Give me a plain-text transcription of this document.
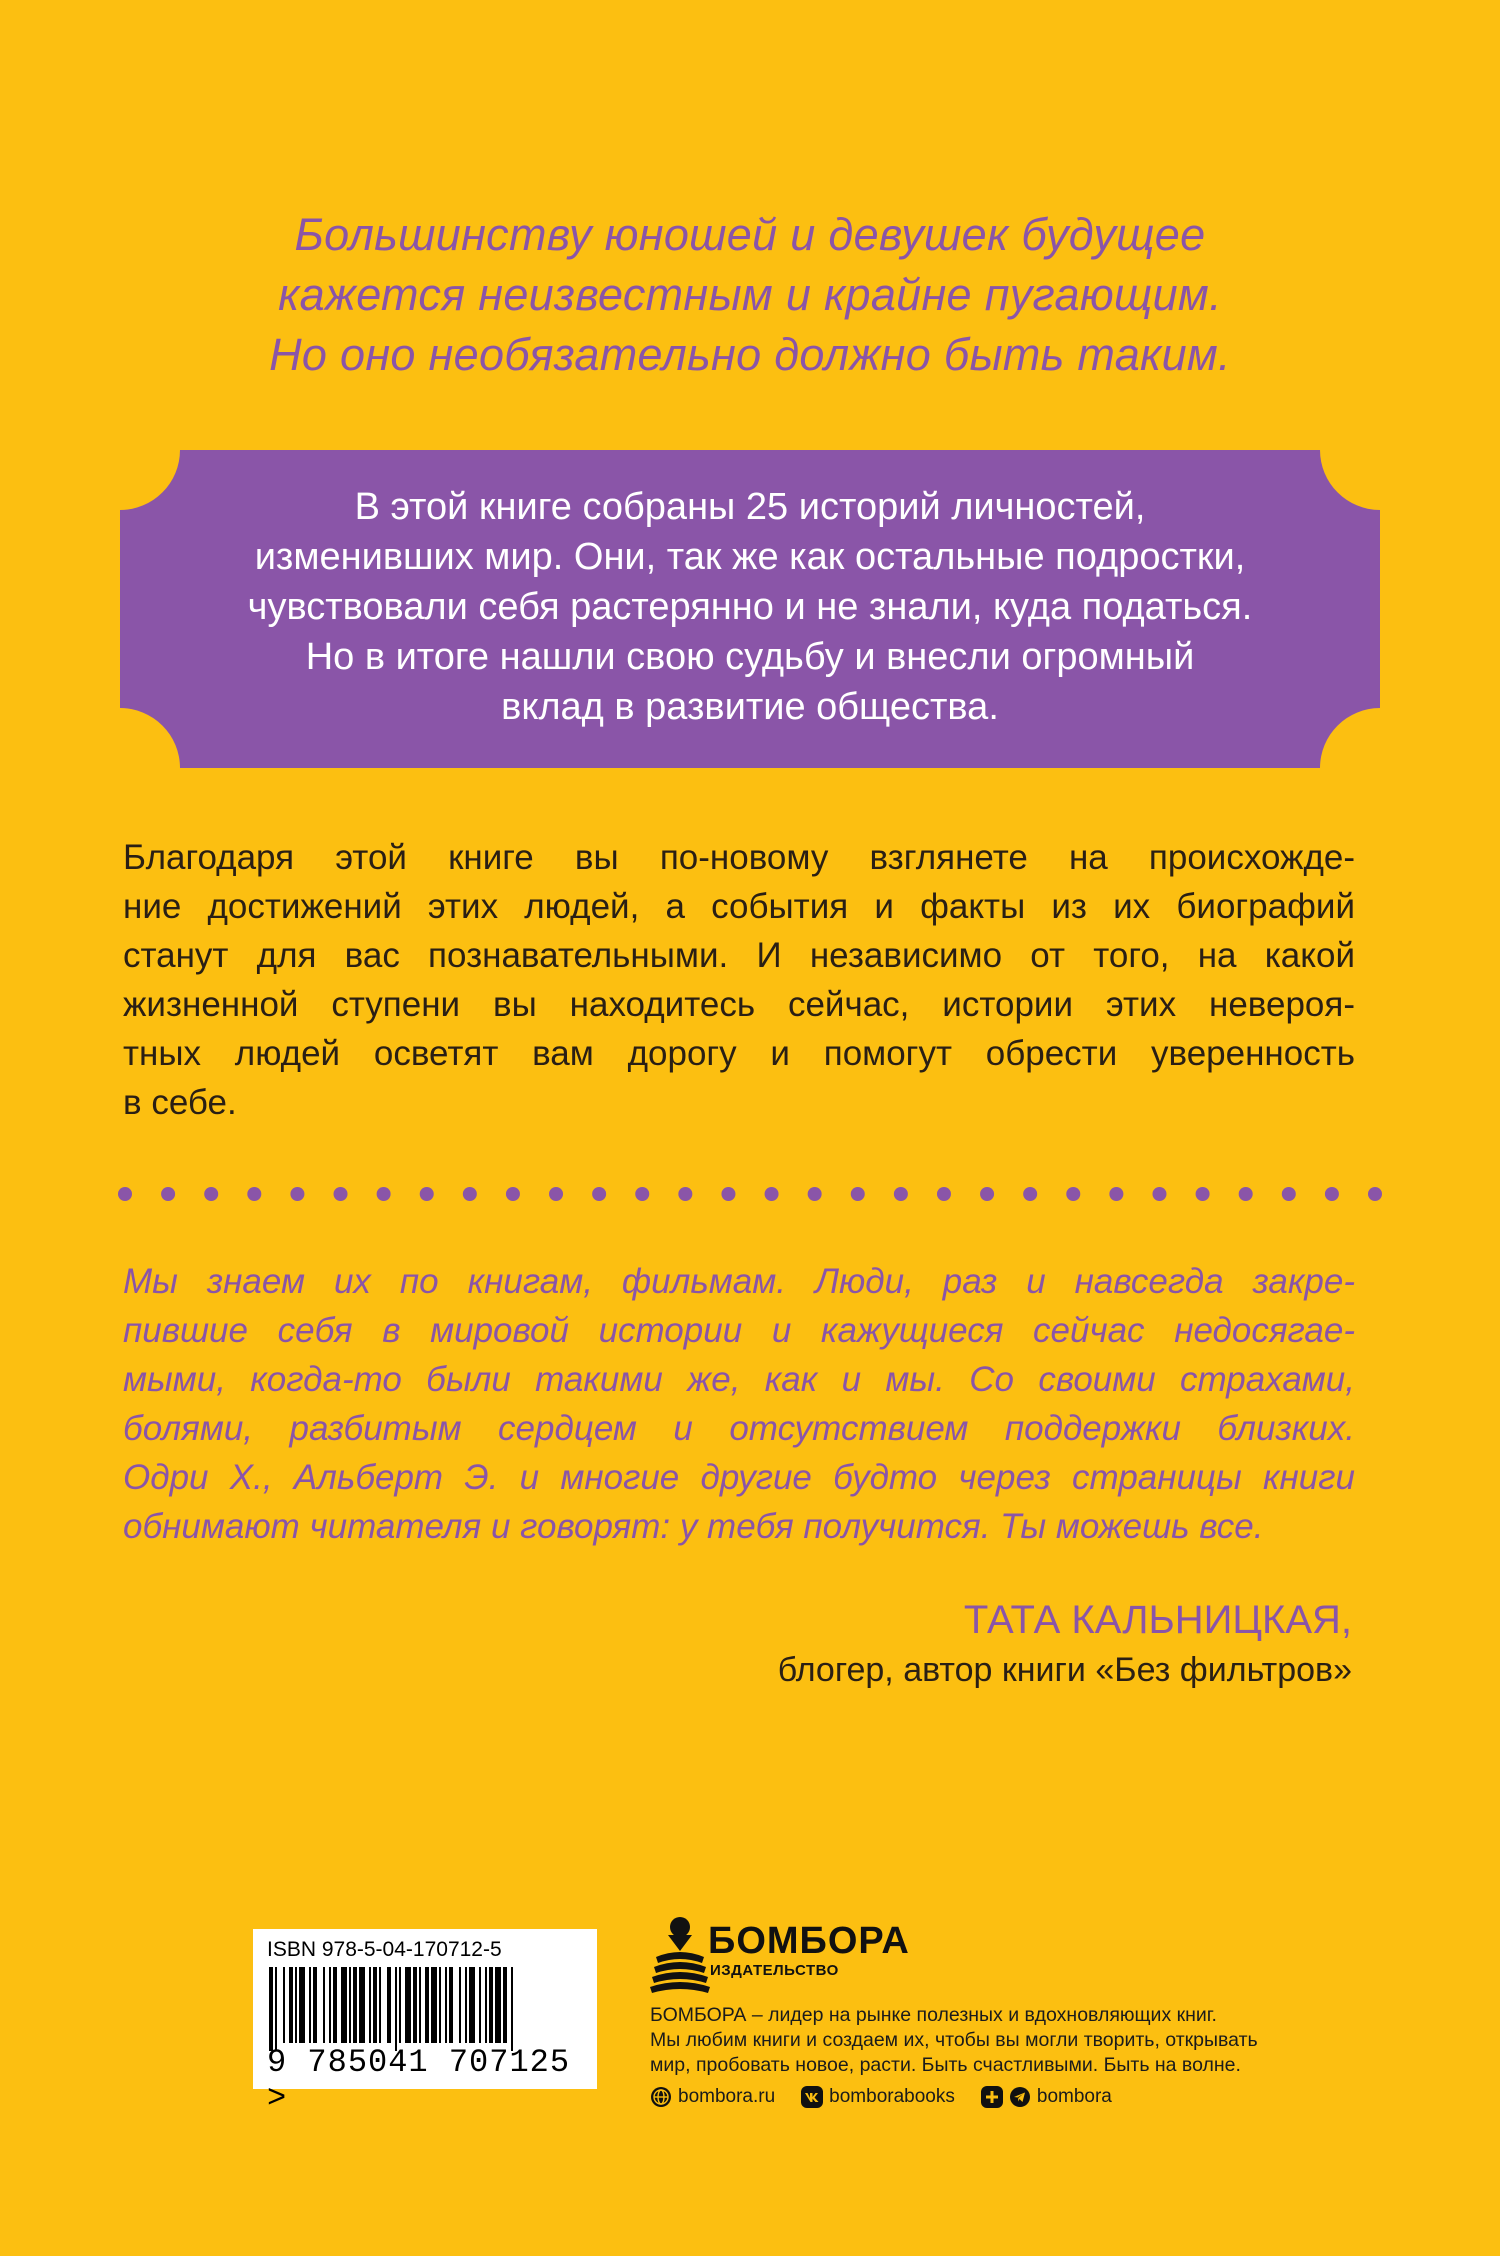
Большинству юношей и девушек будущее
кажется неизвестным и крайне пугающим.
Но оно необязательно должно быть таким.
В этой книге собраны 25 историй личностей,
изменивших мир. Они, так же как остальные подростки,
чувствовали себя растерянно и не знали, куда податься.
Но в итоге нашли свою судьбу и внесли огромный
вклад в развитие общества.
Благодаря этой книге вы по-новому взглянете на происхожде-
ние достижений этих людей, а события и факты из их биографий
станут для вас познавательными. И независимо от того, на какой
жизненной ступени вы находитесь сейчас, истории этих невероя-
тных людей осветят вам дорогу и помогут обрести уверенность
в себе.
Мы знаем их по книгам, фильмам. Люди, раз и навсегда закре-
пившие себя в мировой истории и кажущиеся сейчас недосягае-
мыми, когда-то были такими же, как и мы. Со своими страхами,
болями, разбитым сердцем и отсутствием поддержки близких.
Одри Х., Альберт Э. и многие другие будто через страницы книги
обнимают читателя и говорят: у тебя получится. Ты можешь все.
ТАТА КАЛЬНИЦКАЯ,
блогер, автор книги «Без фильтров»
ISBN 978-5-04-170712-5
9 785041 707125 >
БОМБОРА
ИЗДАТЕЛЬСТВО
БОМБОРА – лидер на рынке полезных и вдохновляющих книг.
Мы любим книги и создаем их, чтобы вы могли творить, открывать
мир, пробовать новое, расти. Быть счастливыми. Быть на волне.
bombora.ru	bomborabooks	bombora
